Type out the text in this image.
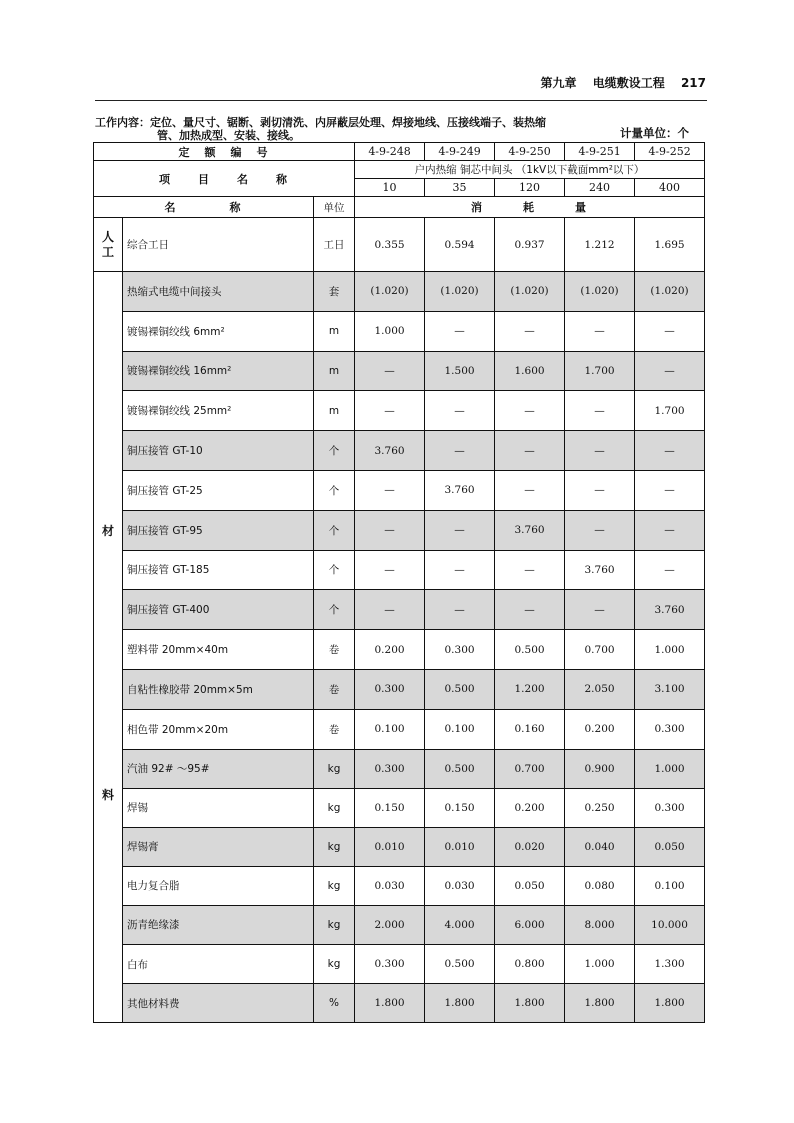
第九章 电缆敷设工程 217
工作内容：定位、量尺寸、锯断、剥切清洗、内屏蔽层处理、焊接地线、压接线端子、装热缩
管、加热成型、安装、接线。	计量单位：个
定　额　编　号			4-9-248	4-9-249	4-9-250	4-9-251	4-9-252
项　　目　　名　　称			户内热缩 铜芯中间头 （1kV以下截面mm²以下）				
			10	35	120	240	400
名　　　　称		单位	消　　　耗　　　量				
人
工	综合工日	工日	0.355	0.594	0.937	1.212	1.695

材
料	热缩式电缆中间接头	套	(1.020)	(1.020)	(1.020)	(1.020)	(1.020)
	镀锡裸铜绞线 6mm²	m	1.000	—	—	—	—
	镀锡裸铜绞线 16mm²	m	—	1.500	1.600	1.700	—
	镀锡裸铜绞线 25mm²	m	—	—	—	—	1.700
	铜压接管 GT-10	个	3.760	—	—	—	—
	铜压接管 GT-25	个	—	3.760	—	—	—
	铜压接管 GT-95	个	—	—	3.760	—	—
	铜压接管 GT-185	个	—	—	—	3.760	—
	铜压接管 GT-400	个	—	—	—	—	3.760
	塑料带 20mm×40m	卷	0.200	0.300	0.500	0.700	1.000
	自粘性橡胶带 20mm×5m	卷	0.300	0.500	1.200	2.050	3.100
	相色带 20mm×20m	卷	0.100	0.100	0.160	0.200	0.300
	汽油 92# ～95#	kg	0.300	0.500	0.700	0.900	1.000
	焊锡	kg	0.150	0.150	0.200	0.250	0.300
	焊锡膏	kg	0.010	0.010	0.020	0.040	0.050
	电力复合脂	kg	0.030	0.030	0.050	0.080	0.100
	沥青绝缘漆	kg	2.000	4.000	6.000	8.000	10.000
	白布	kg	0.300	0.500	0.800	1.000	1.300
	其他材料费	%	1.800	1.800	1.800	1.800	1.800
